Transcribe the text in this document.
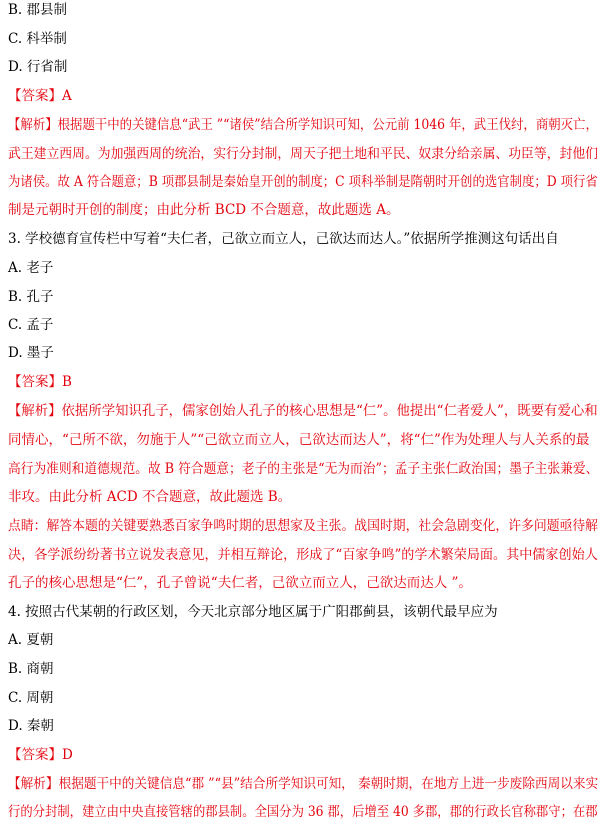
B. 郡县制
C. 科举制
D. 行省制
【答案】A
【解析】根据题干中的关键信息“武王 ”“诸侯”结合所学知识可知，公元前 1046 年，武王伐纣，商朝灭亡，
武王建立西周。为加强西周的统治，实行分封制，周天子把土地和平民、奴隶分给亲属、功臣等，封他们
为诸侯。故 A 符合题意；B 项郡县制是秦始皇开创的制度；C 项科举制是隋朝时开创的选官制度；D 项行省
制是元朝时开创的制度；由此分析 BCD 不合题意，故此题选 A。
3. 学校德育宣传栏中写着“夫仁者，己欲立而立人，己欲达而达人。”依据所学推测这句话出自
A. 老子
B. 孔子
C. 孟子
D. 墨子
【答案】B
【解析】依据所学知识孔子，儒家创始人孔子的核心思想是“仁”。他提出“仁者爱人”，既要有爱心和
同情心，“己所不欲，勿施于人”“己欲立而立人，己欲达而达人”，将“仁”作为处理人与人关系的最
高行为准则和道德规范。故 B 符合题意；老子的主张是“无为而治”；孟子主张仁政治国；墨子主张兼爱、
非攻。由此分析 ACD 不合题意，故此题选 B。
点睛：解答本题的关键要熟悉百家争鸣时期的思想家及主张。战国时期，社会急剧变化，许多问题亟待解
决，各学派纷纷著书立说发表意见，并相互辩论，形成了“百家争鸣”的学术繁荣局面。其中儒家创始人
孔子的核心思想是“仁”，孔子曾说“夫仁者，己欲立而立人，己欲达而达人 ”。
4. 按照古代某朝的行政区划，今天北京部分地区属于广阳郡蓟县，该朝代最早应为
A. 夏朝
B. 商朝
C. 周朝
D. 秦朝
【答案】D
【解析】根据题干中的关键信息“郡 ”“县”结合所学知识可知， 秦朝时期，在地方上进一步废除西周以来实
行的分封制，建立由中央直接管辖的郡县制。全国分为 36 郡，后增至 40 多郡，郡的行政长官称郡守；在郡
